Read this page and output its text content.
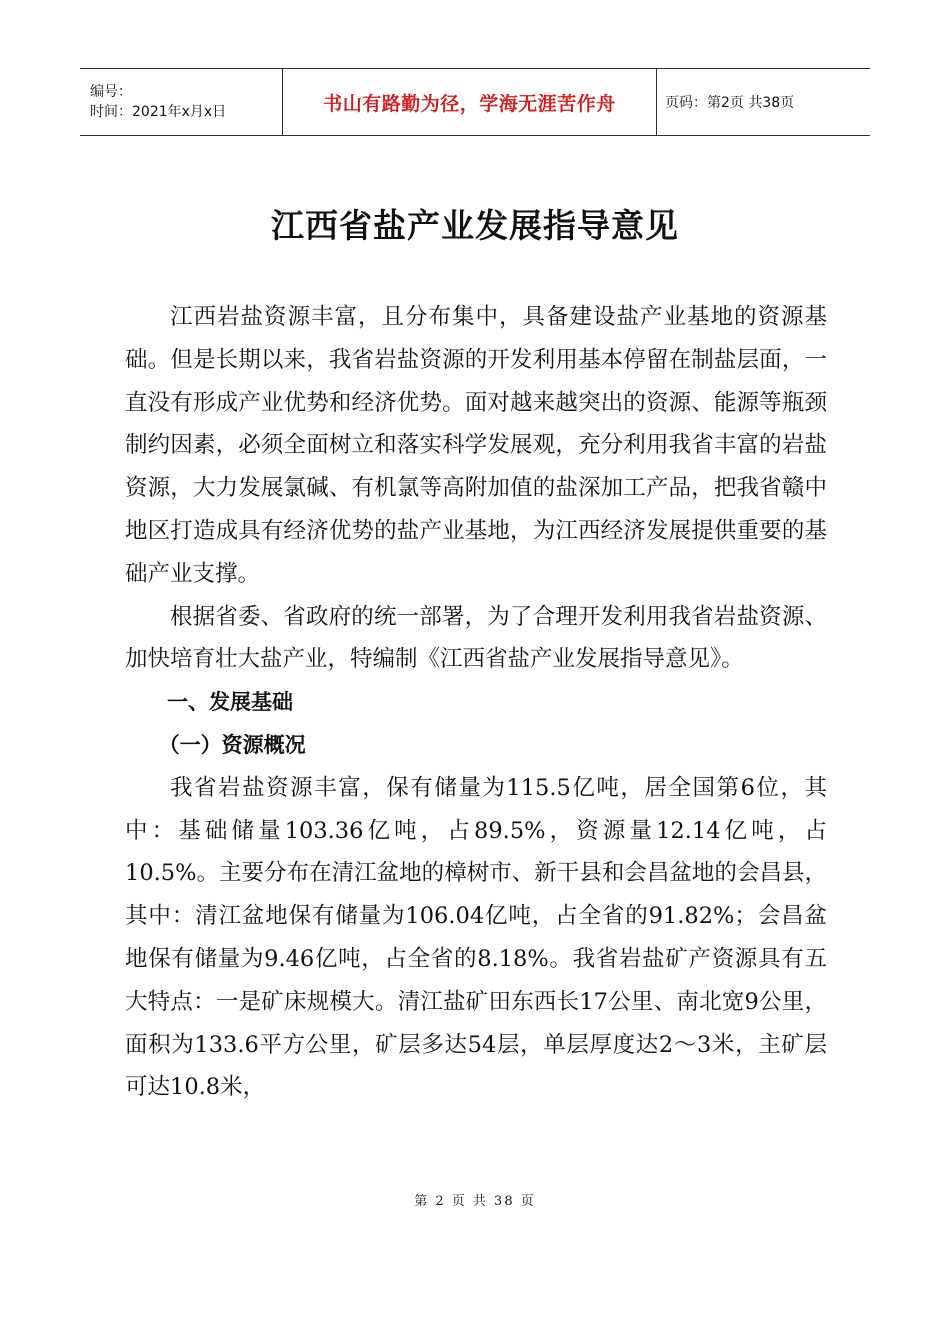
编号：
时间：2021年x月x日	书山有路勤为径，学海无涯苦作舟	页码：第2页 共38页
江西省盐产业发展指导意见

江西岩盐资源丰富，且分布集中，具备建设盐产业基地的资源基础。但是长期以来，我省岩盐资源的开发利用基本停留在制盐层面，一直没有形成产业优势和经济优势。面对越来越突出的资源、能源等瓶颈制约因素，必须全面树立和落实科学发展观，充分利用我省丰富的岩盐资源，大力发展氯碱、有机氯等高附加值的盐深加工产品，把我省赣中地区打造成具有经济优势的盐产业基地，为江西经济发展提供重要的基础产业支撑。

根据省委、省政府的统一部署，为了合理开发利用我省岩盐资源、加快培育壮大盐产业，特编制《江西省盐产业发展指导意见》。

一、发展基础
（一）资源概况

我省岩盐资源丰富，保有储量为115.5亿吨，居全国第6位，其中：基础储量103.36亿吨，占89.5%，资源量12.14亿吨，占10.5%。主要分布在清江盆地的樟树市、新干县和会昌盆地的会昌县，其中：清江盆地保有储量为106.04亿吨，占全省的91.82%；会昌盆地保有储量为9.46亿吨，占全省的8.18%。我省岩盐矿产资源具有五大特点：一是矿床规模大。清江盐矿田东西长17公里、南北宽9公里，面积为133.6平方公里，矿层多达54层，单层厚度达2～3米，主矿层可达10.8米，

第 2 页 共 38 页
